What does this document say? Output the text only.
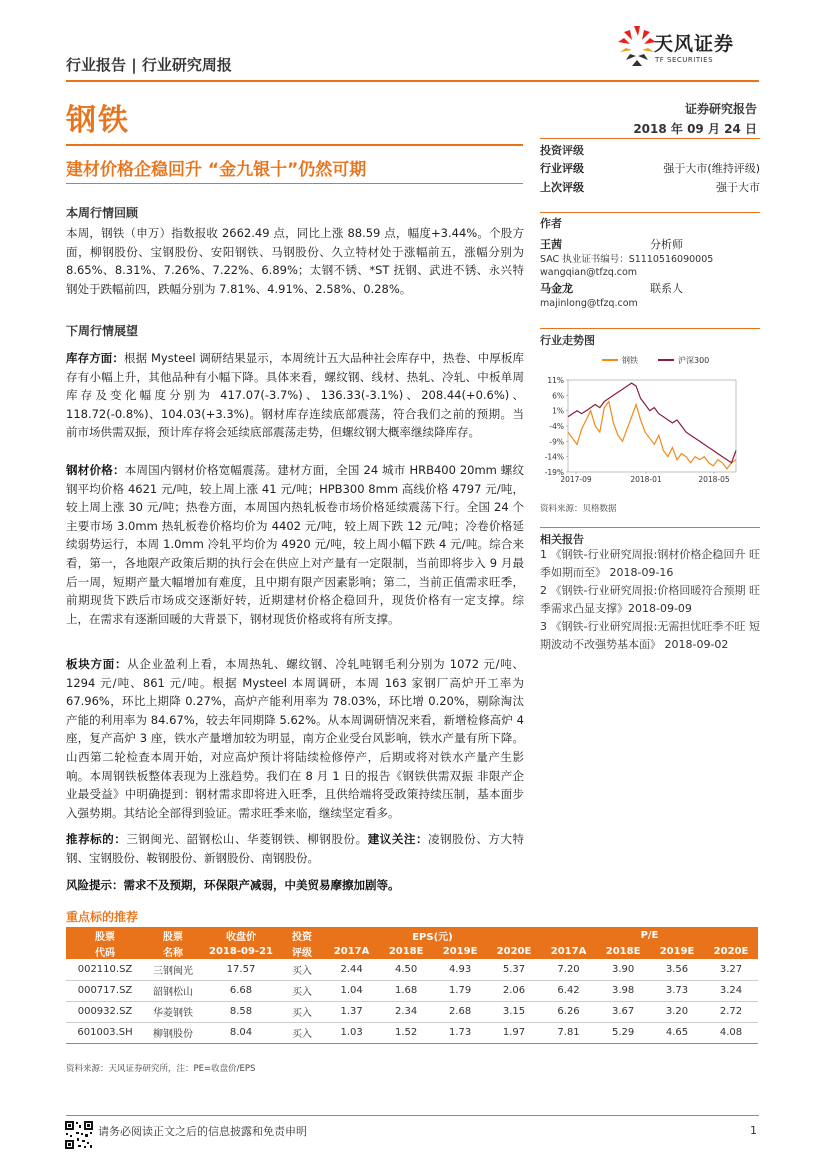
行业报告 | 行业研究周报
天风证券
TF SECURITIES
钢铁	证券研究报告
2018 年 09 月 24 日
建材价格企稳回升 “金九银十”仍然可期
本周行情回顾
本周，钢铁（申万）指数报收 2662.49 点，同比上涨 88.59 点，幅度+3.44%。个股方面，柳钢股份、宝钢股份、安阳钢铁、马钢股份、久立特材处于涨幅前五，涨幅分别为 8.65%、8.31%、7.26%、7.22%、6.89%；太钢不锈、*ST 抚钢、武进不锈、永兴特钢处于跌幅前四，跌幅分别为 7.81%、4.91%、2.58%、0.28%。
下周行情展望
库存方面：根据 Mysteel 调研结果显示，本周统计五大品种社会库存中，热卷、中厚板库存有小幅上升，其他品种有小幅下降。具体来看，螺纹钢、线材、热轧、冷轧、中板单周库存及变化幅度分别为 417.07(-3.7%)、136.33(-3.1%)、208.44(+0.6%)、118.72(-0.8%)、104.03(+3.3%)。钢材库存连续底部震荡，符合我们之前的预期。当前市场供需双振，预计库存将会延续底部震荡走势，但螺纹钢大概率继续降库存。
钢材价格：本周国内钢材价格宽幅震荡。建材方面，全国 24 城市 HRB400 20mm 螺纹钢平均价格 4621 元/吨，较上周上涨 41 元/吨；HPB300 8mm 高线价格 4797 元/吨，较上周上涨 30 元/吨；热卷方面，本周国内热轧板卷市场价格延续震荡下行。全国 24 个主要市场 3.0mm 热轧板卷价格均价为 4402 元/吨，较上周下跌 12 元/吨；冷卷价格延续弱势运行，本周 1.0mm 冷轧平均价为 4920 元/吨，较上周小幅下跌 4 元/吨。综合来看，第一，各地限产政策后期的执行会在供应上对产量有一定限制，当前即将步入 9 月最后一周，短期产量大幅增加有难度，且中期有限产因素影响；第二，当前正值需求旺季，前期现货下跌后市场成交逐渐好转，近期建材价格企稳回升，现货价格有一定支撑。综上，在需求有逐渐回暖的大背景下，钢材现货价格或将有所支撑。
板块方面：从企业盈利上看，本周热轧、螺纹钢、冷轧吨钢毛利分别为 1072 元/吨、1294 元/吨、861 元/吨。根据 Mysteel 本周调研，本周 163 家钢厂高炉开工率为 67.96%，环比上期降 0.27%，高炉产能利用率为 78.03%，环比增 0.20%，剔除淘汰产能的利用率为 84.67%，较去年同期降 5.62%。从本周调研情况来看，新增检修高炉 4 座，复产高炉 3 座，铁水产量增加较为明显，南方企业受台风影响，铁水产量有所下降。山西第二轮检查本周开始，对应高炉预计将陆续检修停产，后期或将对铁水产量产生影响。本周钢铁板整体表现为上涨趋势。我们在 8 月 1 日的报告《钢铁供需双振 非限产企业最受益》中明确提到：钢材需求即将进入旺季，且供给端将受政策持续压制，基本面步入强势期。其结论全部得到验证。需求旺季来临，继续坚定看多。
推荐标的：三钢闽光、韶钢松山、华菱钢铁、柳钢股份。建议关注：凌钢股份、方大特钢、宝钢股份、鞍钢股份、新钢股份、南钢股份。
风险提示：需求不及预期，环保限产减弱，中美贸易摩擦加剧等。
投资评级
行业评级	强于大市(维持评级)
上次评级	强于大市
作者
王茜	分析师
SAC 执业证书编号：S1110516090005
wangqian@tfzq.com
马金龙	联系人
majinlong@tfzq.com
行业走势图
11%
6%
1%
-4%
-9%
-14%
-19%
2017-09	2018-01	2018-05
钢铁	沪深300
资料来源：贝格数据
相关报告
1 《钢铁-行业研究周报:钢材价格企稳回升 旺季如期而至》 2018-09-16
2 《钢铁-行业研究周报:价格回暖符合预期 旺季需求凸显支撑》2018-09-09
3 《钢铁-行业研究周报:无需担忧旺季不旺 短期波动不改强势基本面》 2018-09-02
重点标的推荐
股票	股票	收盘价	投资	EPS(元)				P/E			
代码	名称	2018-09-21	评级	2017A	2018E	2019E	2020E	2017A	2018E	2019E	2020E
002110.SZ	三钢闽光	17.57	买入	2.44	4.50	4.93	5.37	7.20	3.90	3.56	3.27
000717.SZ	韶钢松山	6.68	买入	1.04	1.68	1.79	2.06	6.42	3.98	3.73	3.24
000932.SZ	华菱钢铁	8.58	买入	1.37	2.34	2.68	3.15	6.26	3.67	3.20	2.72
601003.SH	柳钢股份	8.04	买入	1.03	1.52	1.73	1.97	7.81	5.29	4.65	4.08
资料来源：天风证券研究所，注：PE=收盘价/EPS
请务必阅读正文之后的信息披露和免责申明	1
